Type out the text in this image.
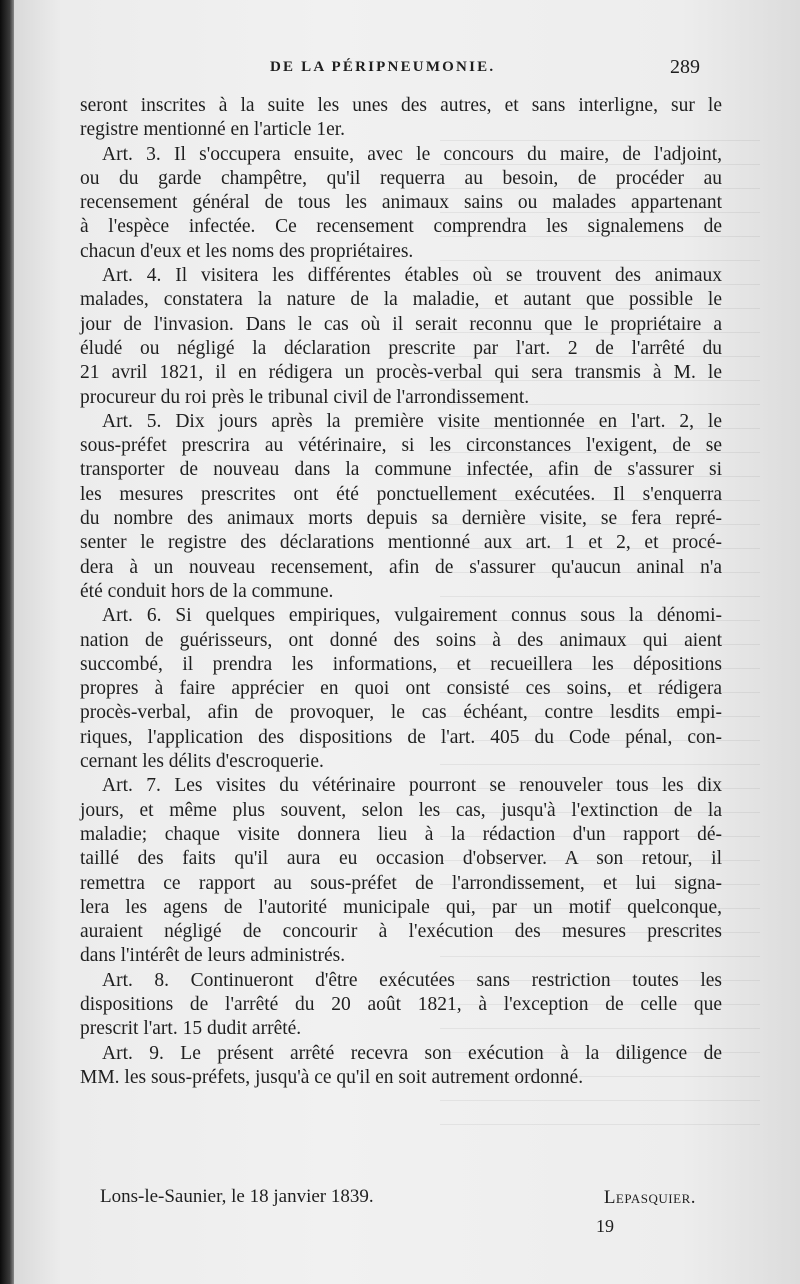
DE LA PÉRIPNEUMONIE.	289
seront inscrites à la suite les unes des autres, et sans interligne, sur le
registre mentionné en l'article 1er.
Art. 3. Il s'occupera ensuite, avec le concours du maire, de l'adjoint,
ou du garde champêtre, qu'il requerra au besoin, de procéder au
recensement général de tous les animaux sains ou malades appartenant
à l'espèce infectée. Ce recensement comprendra les signalemens de
chacun d'eux et les noms des propriétaires.
Art. 4. Il visitera les différentes étables où se trouvent des animaux
malades, constatera la nature de la maladie, et autant que possible le
jour de l'invasion. Dans le cas où il serait reconnu que le propriétaire a
éludé ou négligé la déclaration prescrite par l'art. 2 de l'arrêté du
21 avril 1821, il en rédigera un procès-verbal qui sera transmis à M. le
procureur du roi près le tribunal civil de l'arrondissement.
Art. 5. Dix jours après la première visite mentionnée en l'art. 2, le
sous-préfet prescrira au vétérinaire, si les circonstances l'exigent, de se
transporter de nouveau dans la commune infectée, afin de s'assurer si
les mesures prescrites ont été ponctuellement exécutées. Il s'enquerra
du nombre des animaux morts depuis sa dernière visite, se fera repré-
senter le registre des déclarations mentionné aux art. 1 et 2, et procé-
dera à un nouveau recensement, afin de s'assurer qu'aucun aninal n'a
été conduit hors de la commune.
Art. 6. Si quelques empiriques, vulgairement connus sous la dénomi-
nation de guérisseurs, ont donné des soins à des animaux qui aient
succombé, il prendra les informations, et recueillera les dépositions
propres à faire apprécier en quoi ont consisté ces soins, et rédigera
procès-verbal, afin de provoquer, le cas échéant, contre lesdits empi-
riques, l'application des dispositions de l'art. 405 du Code pénal, con-
cernant les délits d'escroquerie.
Art. 7. Les visites du vétérinaire pourront se renouveler tous les dix
jours, et même plus souvent, selon les cas, jusqu'à l'extinction de la
maladie; chaque visite donnera lieu à la rédaction d'un rapport dé-
taillé des faits qu'il aura eu occasion d'observer. A son retour, il
remettra ce rapport au sous-préfet de l'arrondissement, et lui signa-
lera les agens de l'autorité municipale qui, par un motif quelconque,
auraient négligé de concourir à l'exécution des mesures prescrites
dans l'intérêt de leurs administrés.
Art. 8. Continueront d'être exécutées sans restriction toutes les
dispositions de l'arrêté du 20 août 1821, à l'exception de celle que
prescrit l'art. 15 dudit arrêté.
Art. 9. Le présent arrêté recevra son exécution à la diligence de
MM. les sous-préfets, jusqu'à ce qu'il en soit autrement ordonné.
Lons-le-Saunier, le 18 janvier 1839.	Lepasquier.
19
